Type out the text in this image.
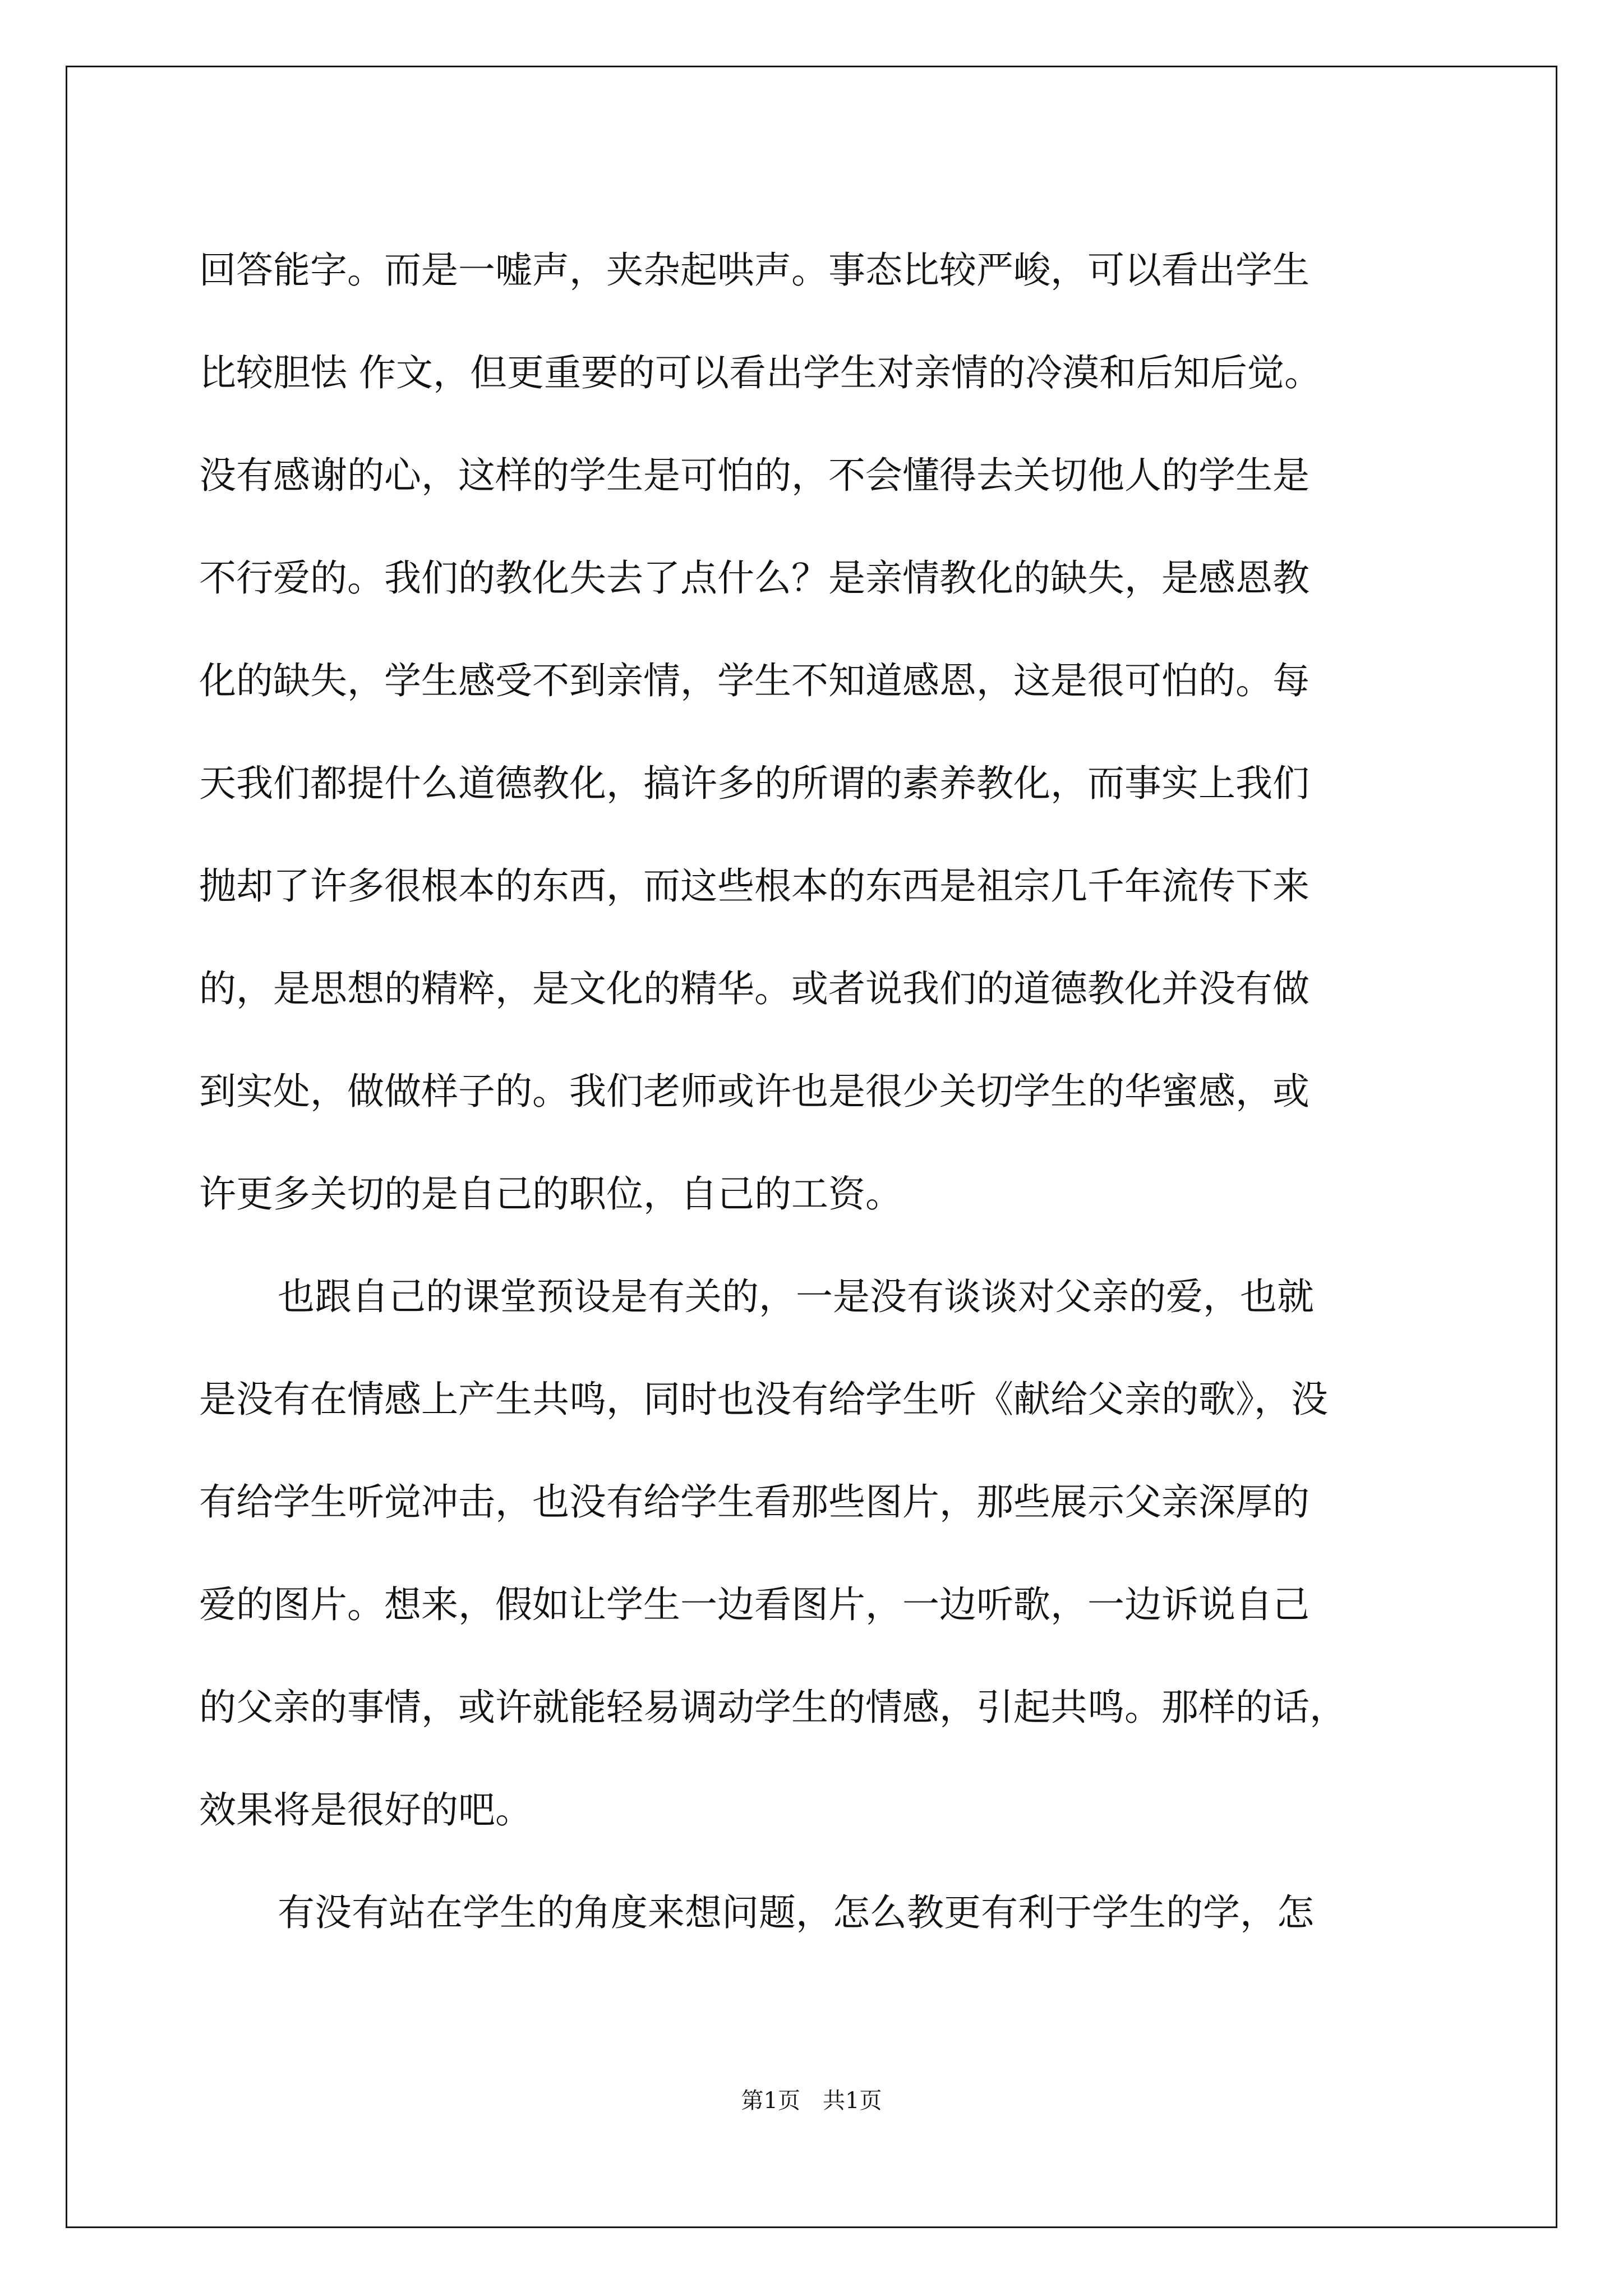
回答能字。而是一嘘声，夹杂起哄声。事态比较严峻，可以看出学生
比较胆怯 作文，但更重要的可以看出学生对亲情的冷漠和后知后觉。
没有感谢的心，这样的学生是可怕的，不会懂得去关切他人的学生是
不行爱的。我们的教化失去了点什么？是亲情教化的缺失，是感恩教
化的缺失，学生感受不到亲情，学生不知道感恩，这是很可怕的。每
天我们都提什么道德教化，搞许多的所谓的素养教化，而事实上我们
抛却了许多很根本的东西，而这些根本的东西是祖宗几千年流传下来
的，是思想的精粹，是文化的精华。或者说我们的道德教化并没有做
到实处，做做样子的。我们老师或许也是很少关切学生的华蜜感，或
许更多关切的是自己的职位，自己的工资。

也跟自己的课堂预设是有关的，一是没有谈谈对父亲的爱，也就
是没有在情感上产生共鸣，同时也没有给学生听《献给父亲的歌》，没
有给学生听觉冲击，也没有给学生看那些图片，那些展示父亲深厚的
爱的图片。想来，假如让学生一边看图片，一边听歌，一边诉说自己
的父亲的事情，或许就能轻易调动学生的情感，引起共鸣。那样的话，
效果将是很好的吧。

有没有站在学生的角度来想问题，怎么教更有利于学生的学，怎

第1页 共1页
